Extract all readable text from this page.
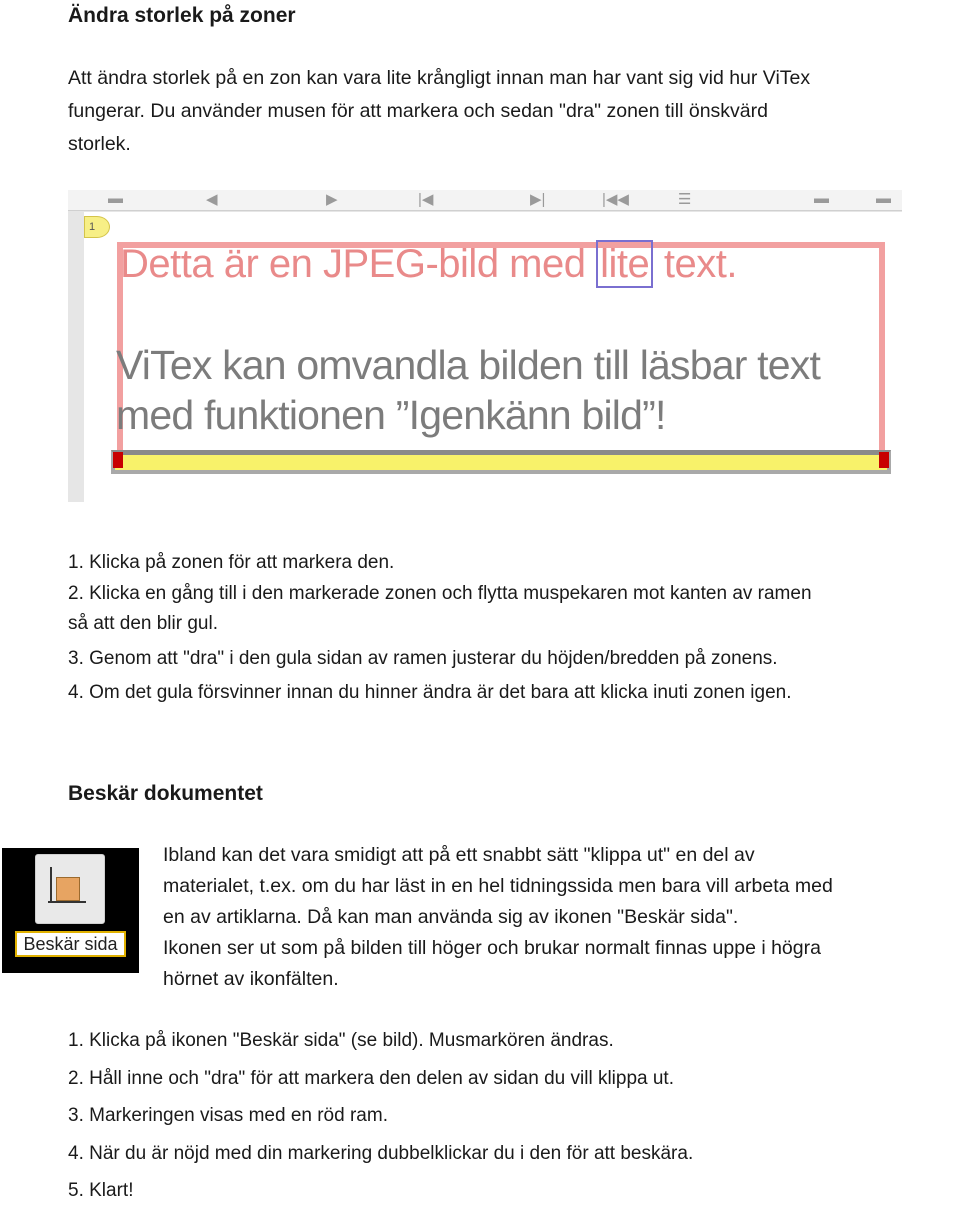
Ändra storlek på zoner
Att ändra storlek på en zon kan vara lite krångligt innan man har vant sig vid hur ViTex
fungerar. Du använder musen för att markera och sedan "dra" zonen till önskvärd
storlek.
▬	◀	▶	|◀	▶|	|◀◀	☰	▬	▬
1
Detta är en JPEG-bild med lite text.
ViTex kan omvandla bilden till läsbar text
med funktionen ”Igenkänn bild”!
1. Klicka på zonen för att markera den.
2. Klicka en gång till i den markerade zonen och flytta muspekaren mot kanten av ramen
så att den blir gul.
3. Genom att "dra" i den gula sidan av ramen justerar du höjden/bredden på zonens.
4. Om det gula försvinner innan du hinner ändra är det bara att klicka inuti zonen igen.
Beskär dokumentet
Beskär sida
Ibland kan det vara smidigt att på ett snabbt sätt "klippa ut" en del av
materialet, t.ex. om du har läst in en hel tidningssida men bara vill arbeta med
en av artiklarna. Då kan man använda sig av ikonen "Beskär sida".
Ikonen ser ut som på bilden till höger och brukar normalt finnas uppe i högra
hörnet av ikonfälten.
1. Klicka på ikonen "Beskär sida" (se bild). Musmarkören ändras.
2. Håll inne och "dra" för att markera den delen av sidan du vill klippa ut.
3. Markeringen visas med en röd ram.
4. När du är nöjd med din markering dubbelklickar du i den för att beskära.
5. Klart!
